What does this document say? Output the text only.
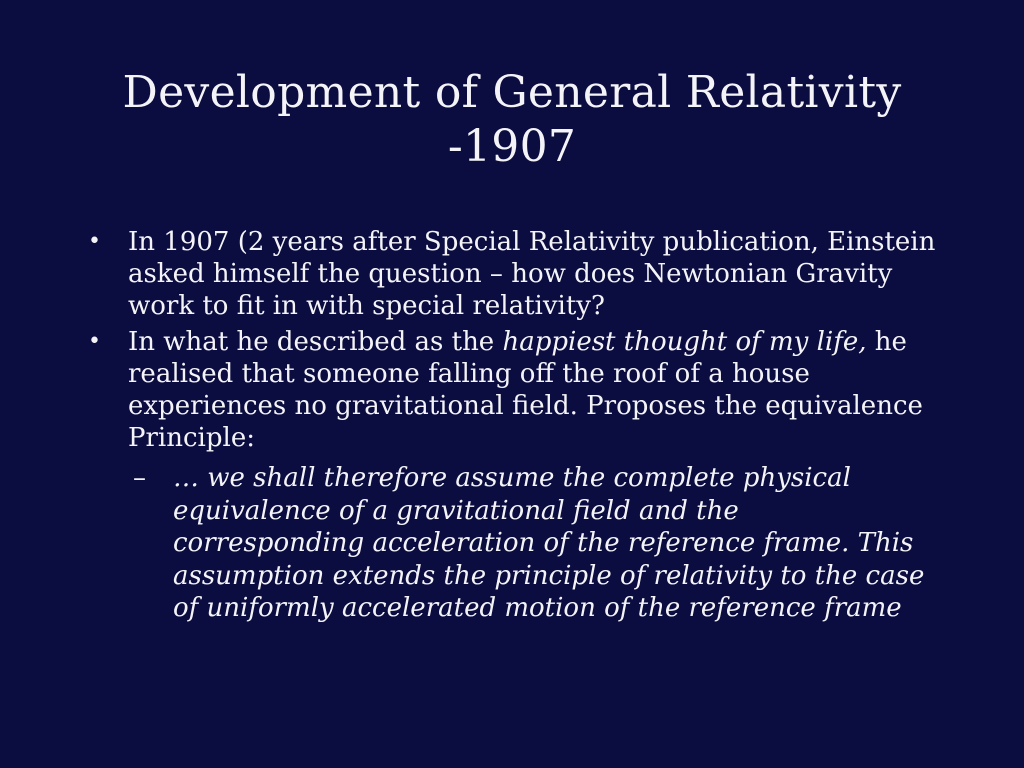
Development of General Relativity
-1907
•	In 1907 (2 years after Special Relativity publication, Einstein asked himself the question – how does Newtonian Gravity work to fit in with special relativity?
•	In what he described as the happiest thought of my life, he realised that someone falling off the roof of a house experiences no gravitational field. Proposes the equivalence Principle:
–	… we shall therefore assume the complete physical equivalence of a gravitational field and the corresponding acceleration of the reference frame. This assumption extends the principle of relativity to the case of uniformly accelerated motion of the reference frame
